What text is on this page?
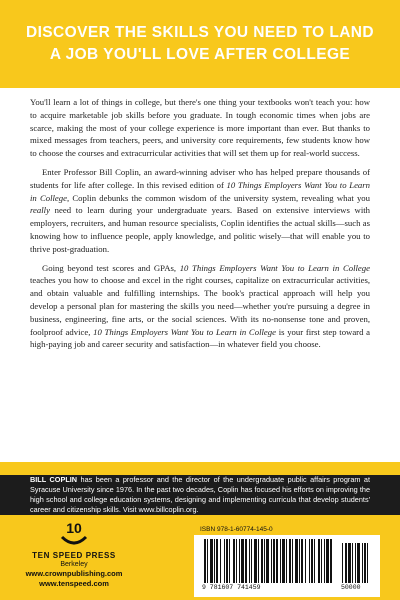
DISCOVER THE SKILLS YOU NEED TO LAND
A JOB YOU'LL LOVE AFTER COLLEGE

You'll learn a lot of things in college, but there's one thing your textbooks won't teach you: how to acquire marketable job skills before you graduate. In tough economic times when jobs are scarce, making the most of your college experience is more important than ever. But thanks to mixed messages from teachers, peers, and university core requirements, few students know how to choose the courses and extracurricular activities that will set them up for real-world success.

Enter Professor Bill Coplin, an award-winning adviser who has helped prepare thousands of students for life after college. In this revised edition of 10 Things Employers Want You to Learn in College, Coplin debunks the common wisdom of the university system, revealing what you really need to learn during your undergraduate years. Based on extensive interviews with employers, recruiters, and human resource specialists, Coplin identifies the actual skills—such as knowing how to influence people, apply knowledge, and politic wisely—that will enable you to thrive post-graduation.

Going beyond test scores and GPAs, 10 Things Employers Want You to Learn in College teaches you how to choose and excel in the right courses, capitalize on extracurricular activities, and obtain valuable and fulfilling internships. The book's practical approach will help you develop a personal plan for mastering the skills you need—whether you're pursuing a degree in business, engineering, fine arts, or the social sciences. With its no-nonsense tone and proven, foolproof advice, 10 Things Employers Want You to Learn in College is your first step toward a high-paying job and career security and satisfaction—in whatever field you choose.

BILL COPLIN has been a professor and the director of the undergraduate public affairs program at Syracuse University since 1976. In the past two decades, Coplin has focused his efforts on improving the high school and college education systems, designing and implementing curricula that develop students' career and citizenship skills. Visit www.billcoplin.org.

10
TEN SPEED PRESS
Berkeley
www.crownpublishing.com
www.tenspeed.com
ISBN 978-1-60774-145-0
9 781607 741459	50000
